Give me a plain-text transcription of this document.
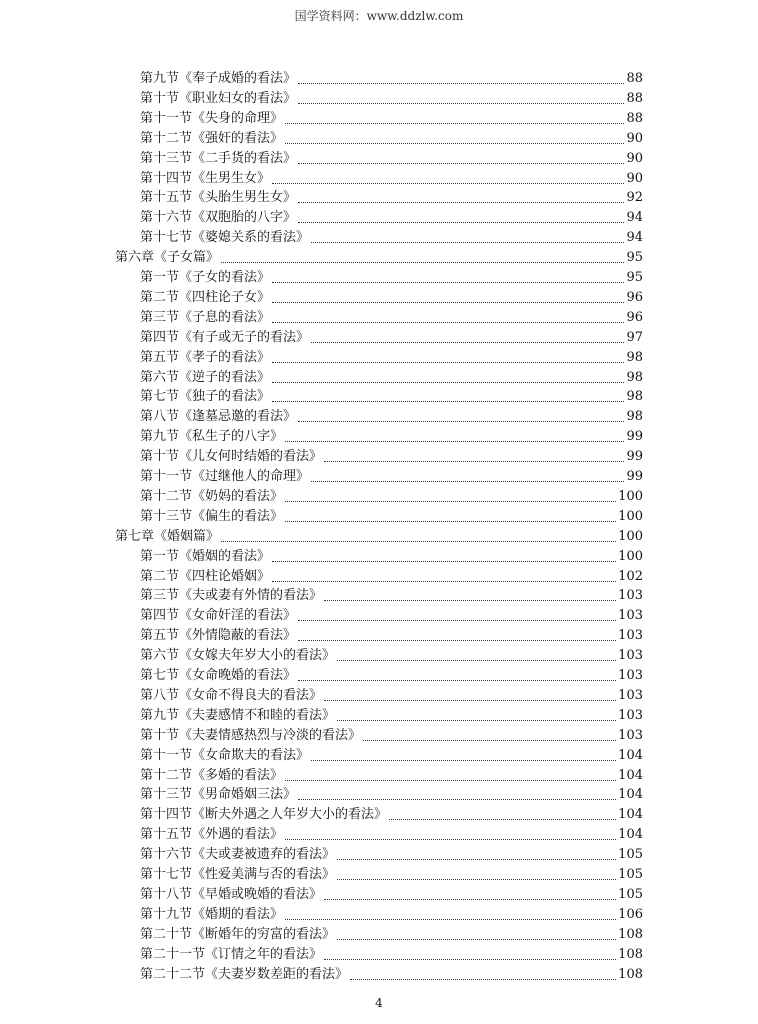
国学资料网：www.ddzlw.com
第九节《奉子成婚的看法》	88
第十节《职业妇女的看法》	88
第十一节《失身的命理》	88
第十二节《强奸的看法》	90
第十三节《二手货的看法》	90
第十四节《生男生女》	90
第十五节《头胎生男生女》	92
第十六节《双胞胎的八字》	94
第十七节《婆媳关系的看法》	94
第六章《子女篇》	95
第一节《子女的看法》	95
第二节《四柱论子女》	96
第三节《子息的看法》	96
第四节《有子或无子的看法》	97
第五节《孝子的看法》	98
第六节《逆子的看法》	98
第七节《独子的看法》	98
第八节《逢墓忌邀的看法》	98
第九节《私生子的八字》	99
第十节《儿女何时结婚的看法》	99
第十一节《过继他人的命理》	99
第十二节《奶妈的看法》	100
第十三节《偏生的看法》	100
第七章《婚姻篇》	100
第一节《婚姻的看法》	100
第二节《四柱论婚姻》	102
第三节《夫或妻有外情的看法》	103
第四节《女命奸淫的看法》	103
第五节《外情隐蔽的看法》	103
第六节《女嫁夫年岁大小的看法》	103
第七节《女命晚婚的看法》	103
第八节《女命不得良夫的看法》	103
第九节《夫妻感情不和睦的看法》	103
第十节《夫妻情感热烈与冷淡的看法》	103
第十一节《女命欺夫的看法》	104
第十二节《多婚的看法》	104
第十三节《男命婚姻三法》	104
第十四节《断夫外遇之人年岁大小的看法》	104
第十五节《外遇的看法》	104
第十六节《夫或妻被遗弃的看法》	105
第十七节《性爱美满与否的看法》	105
第十八节《早婚或晚婚的看法》	105
第十九节《婚期的看法》	106
第二十节《断婚年的穷富的看法》	108
第二十一节《订情之年的看法》	108
第二十二节《夫妻岁数差距的看法》	108
4
